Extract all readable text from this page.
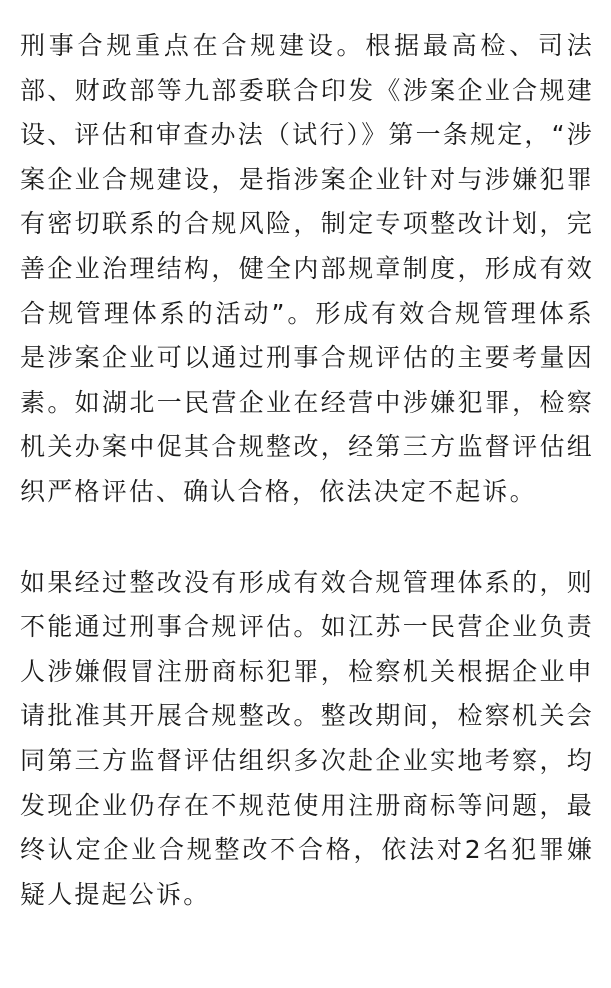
刑事合规重点在合规建设。根据最高检、司法部、财政部等九部委联合印发《涉案企业合规建设、评估和审查办法（试行）》第一条规定，“涉案企业合规建设，是指涉案企业针对与涉嫌犯罪有密切联系的合规风险，制定专项整改计划，完善企业治理结构，健全内部规章制度，形成有效合规管理体系的活动”。形成有效合规管理体系是涉案企业可以通过刑事合规评估的主要考量因素。如湖北一民营企业在经营中涉嫌犯罪，检察机关办案中促其合规整改，经第三方监督评估组织严格评估、确认合格，依法决定不起诉。

如果经过整改没有形成有效合规管理体系的，则不能通过刑事合规评估。如江苏一民营企业负责人涉嫌假冒注册商标犯罪，检察机关根据企业申请批准其开展合规整改。整改期间，检察机关会同第三方监督评估组织多次赴企业实地考察，均发现企业仍存在不规范使用注册商标等问题，最终认定企业合规整改不合格，依法对2名犯罪嫌疑人提起公诉。
